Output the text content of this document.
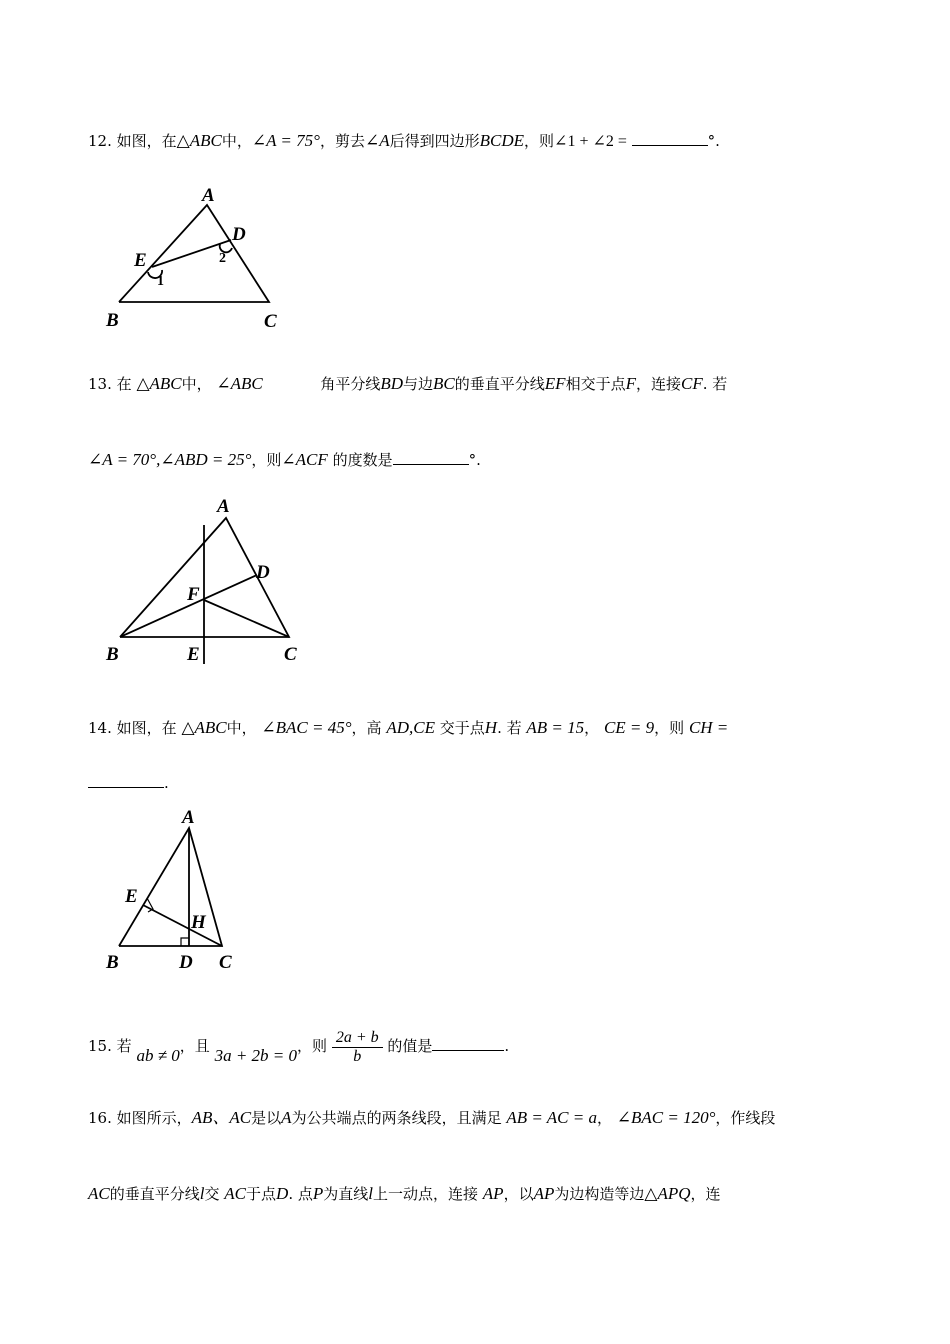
12. 如图，在△ABC中，∠A = 75°，剪去∠A后得到四边形BCDE，则∠1 + ∠2 =	°.
A
B	C
D
E
1
2
A
B	C
D
E
F
A
B	C
D
E
H
13. 在 △ABC中， ∠ABC	角平分线BD与边BC的垂直平分线EF相交于点F，连接CF. 若
∠A = 70°,∠ABD = 25°，则∠ACF 的度数是	°.
14. 如图，在 △ABC中， ∠BAC = 45°，高 AD,CE 交于点H. 若 AB = 15， CE = 9，则 CH =
.
15. 若 ab ≠ 0，且 3a + 2b = 0，则 $\frac{2a + b}{b}$ 的值是	.
16. 如图所示，AB、AC是以A为公共端点的两条线段，且满足 AB = AC = a， ∠BAC = 120°，作线段
AC的垂直平分线l交 AC于点D. 点P为直线l上一动点，连接 AP，以AP为边构造等边△APQ，连
